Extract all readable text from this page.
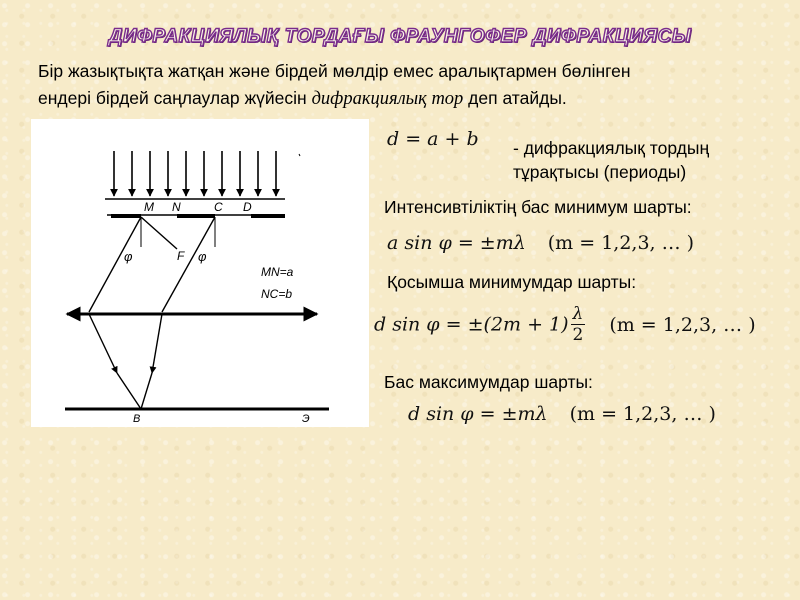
ДИФРАКЦИЯЛЫҚ ТОРДАҒЫ ФРАУНГОФЕР ДИФРАКЦИЯСЫ
Бір жазықтықта жатқан және бірдей мөлдір емес аралықтармен бөлінген
ендері бірдей саңлаулар жүйесін дифракциялық тор деп атайды.
M N	C D
φ	F φ
MN=a
NC=b
B	Э
d = a + b - дифракциялық тордың
тұрақтысы (периоды)
Интенсивтіліктің бас минимум шарты:
a sin φ = ±mλ (m = 1,2,3, … )
Қосымша минимумдар шарты:
d $\sin \varphi = \pm(2m + 1) \frac{\lambda}{2} (m = 1,2,3$, … )
Бас максимумдар шарты:
d sin φ = ±mλ (m = 1,2,3, … )
